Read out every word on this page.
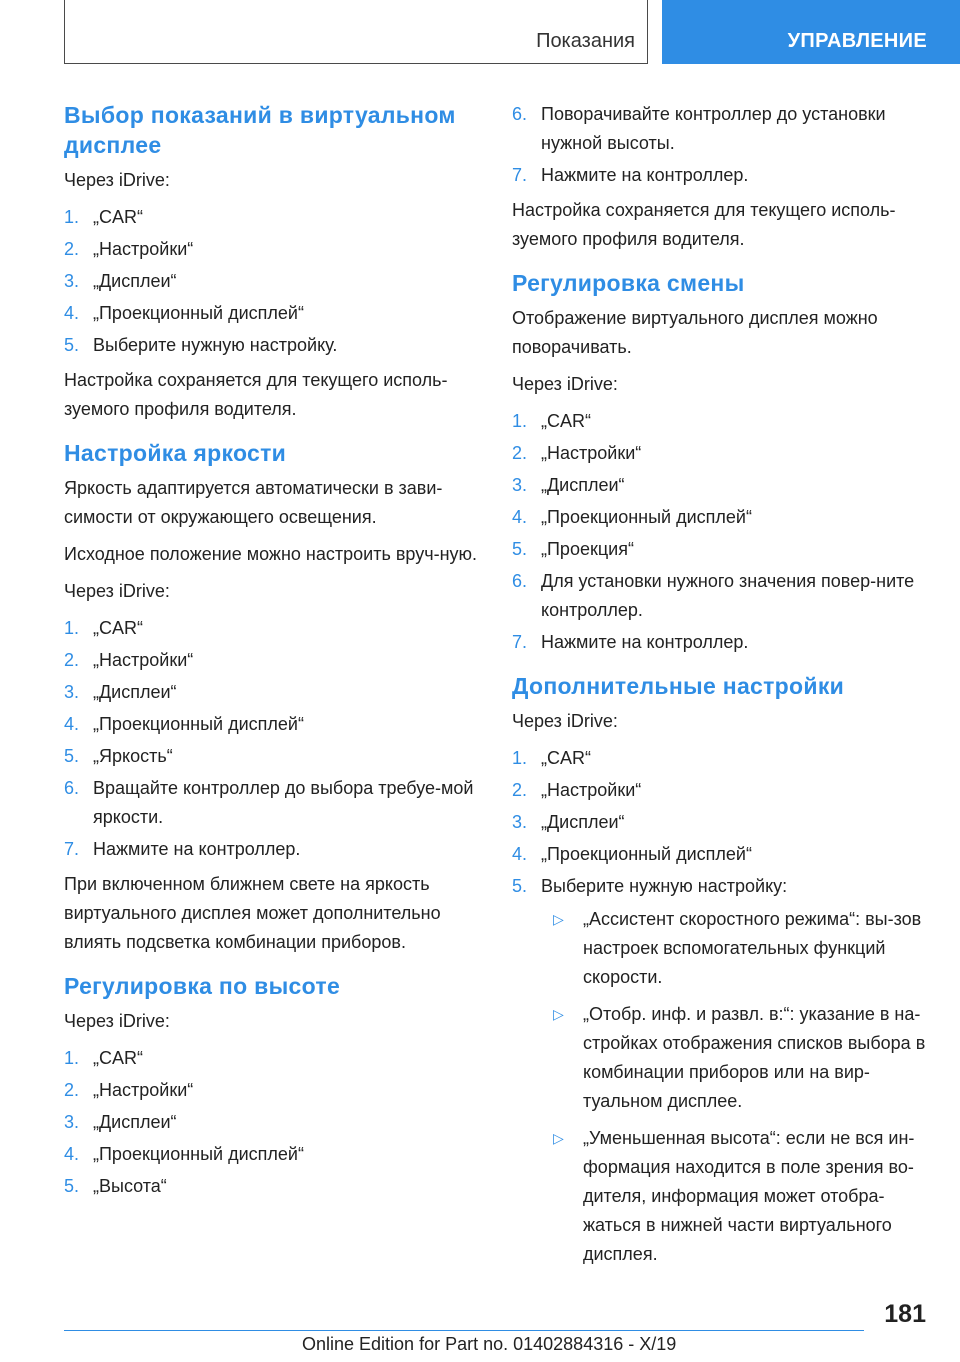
Показания	УПРАВЛЕНИЕ
Выбор показаний в виртуальном дисплее

Через iDrive:

1. „CAR“
2. „Настройки“
3. „Дисплеи“
4. „Проекционный дисплей“
5. Выберите нужную настройку.

Настройка сохраняется для текущего исполь-зуемого профиля водителя.

Настройка яркости

Яркость адаптируется автоматически в зави-симости от окружающего освещения.

Исходное положение можно настроить вруч-ную.

Через iDrive:

1. „CAR“
2. „Настройки“
3. „Дисплеи“
4. „Проекционный дисплей“
5. „Яркость“
6. Вращайте контроллер до выбора требуе-мой яркости.
7. Нажмите на контроллер.

При включенном ближнем свете на яркость виртуального дисплея может дополнительно влиять подсветка комбинации приборов.

Регулировка по высоте

Через iDrive:

1. „CAR“
2. „Настройки“
3. „Дисплеи“
4. „Проекционный дисплей“
5. „Высота“
6. Поворачивайте контроллер до установки нужной высоты.
7. Нажмите на контроллер.

Настройка сохраняется для текущего исполь-зуемого профиля водителя.

Регулировка смены

Отображение виртуального дисплея можно поворачивать.

Через iDrive:

1. „CAR“
2. „Настройки“
3. „Дисплеи“
4. „Проекционный дисплей“
5. „Проекция“
6. Для установки нужного значения повер-ните контроллер.
7. Нажмите на контроллер.
Дополнительные настройки

Через iDrive:

1. „CAR“
2. „Настройки“
3. „Дисплеи“
4. „Проекционный дисплей“
5. Выберите нужную настройку:
▷ „Ассистент скоростного режима“: вы-зов настроек вспомогательных функций скорости.
▷ „Отобр. инф. и развл. в:“: указание в на-стройках отображения списков выбора в комбинации приборов или на вир-туальном дисплее.
▷ „Уменьшенная высота“: если не вся ин-формация находится в поле зрения во-дителя, информация может отобра-жаться в нижней части виртуального дисплея.
181
Online Edition for Part no. 01402884316 - X/19
